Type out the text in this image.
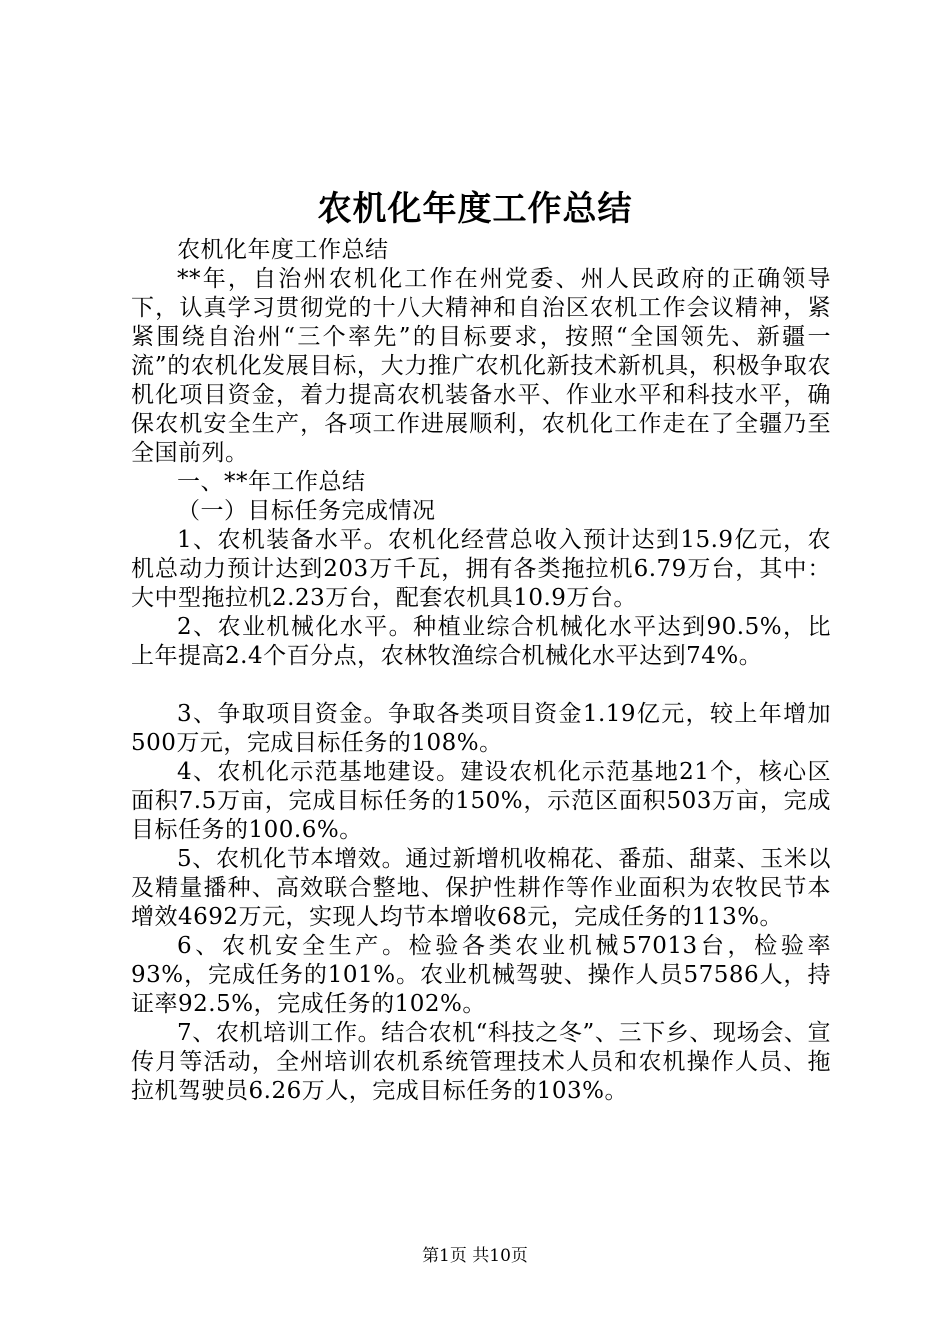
农机化年度工作总结

农机化年度工作总结

**年，自治州农机化工作在州党委、州人民政府的正确领导下，认真学习贯彻党的十八大精神和自治区农机工作会议精神，紧紧围绕自治州“三个率先”的目标要求，按照“全国领先、新疆一流”的农机化发展目标，大力推广农机化新技术新机具，积极争取农机化项目资金，着力提高农机装备水平、作业水平和科技水平，确保农机安全生产，各项工作进展顺利，农机化工作走在了全疆乃至全国前列。

一、**年工作总结

（一）目标任务完成情况

1、农机装备水平。农机化经营总收入预计达到15.9亿元，农机总动力预计达到203万千瓦，拥有各类拖拉机6.79万台，其中：大中型拖拉机2.23万台，配套农机具10.9万台。

2、农业机械化水平。种植业综合机械化水平达到90.5%，比上年提高2.4个百分点，农林牧渔综合机械化水平达到74%。

3、争取项目资金。争取各类项目资金1.19亿元，较上年增加500万元，完成目标任务的108%。

4、农机化示范基地建设。建设农机化示范基地21个，核心区面积7.5万亩，完成目标任务的150%，示范区面积503万亩，完成目标任务的100.6%。

5、农机化节本增效。通过新增机收棉花、番茄、甜菜、玉米以及精量播种、高效联合整地、保护性耕作等作业面积为农牧民节本增效4692万元，实现人均节本增收68元，完成任务的113%。

6、农机安全生产。检验各类农业机械57013台，检验率93%，完成任务的101%。农业机械驾驶、操作人员57586人，持证率92.5%，完成任务的102%。

7、农机培训工作。结合农机“科技之冬”、三下乡、现场会、宣传月等活动，全州培训农机系统管理技术人员和农机操作人员、拖拉机驾驶员6.26万人，完成目标任务的103%。

第1页 共10页
